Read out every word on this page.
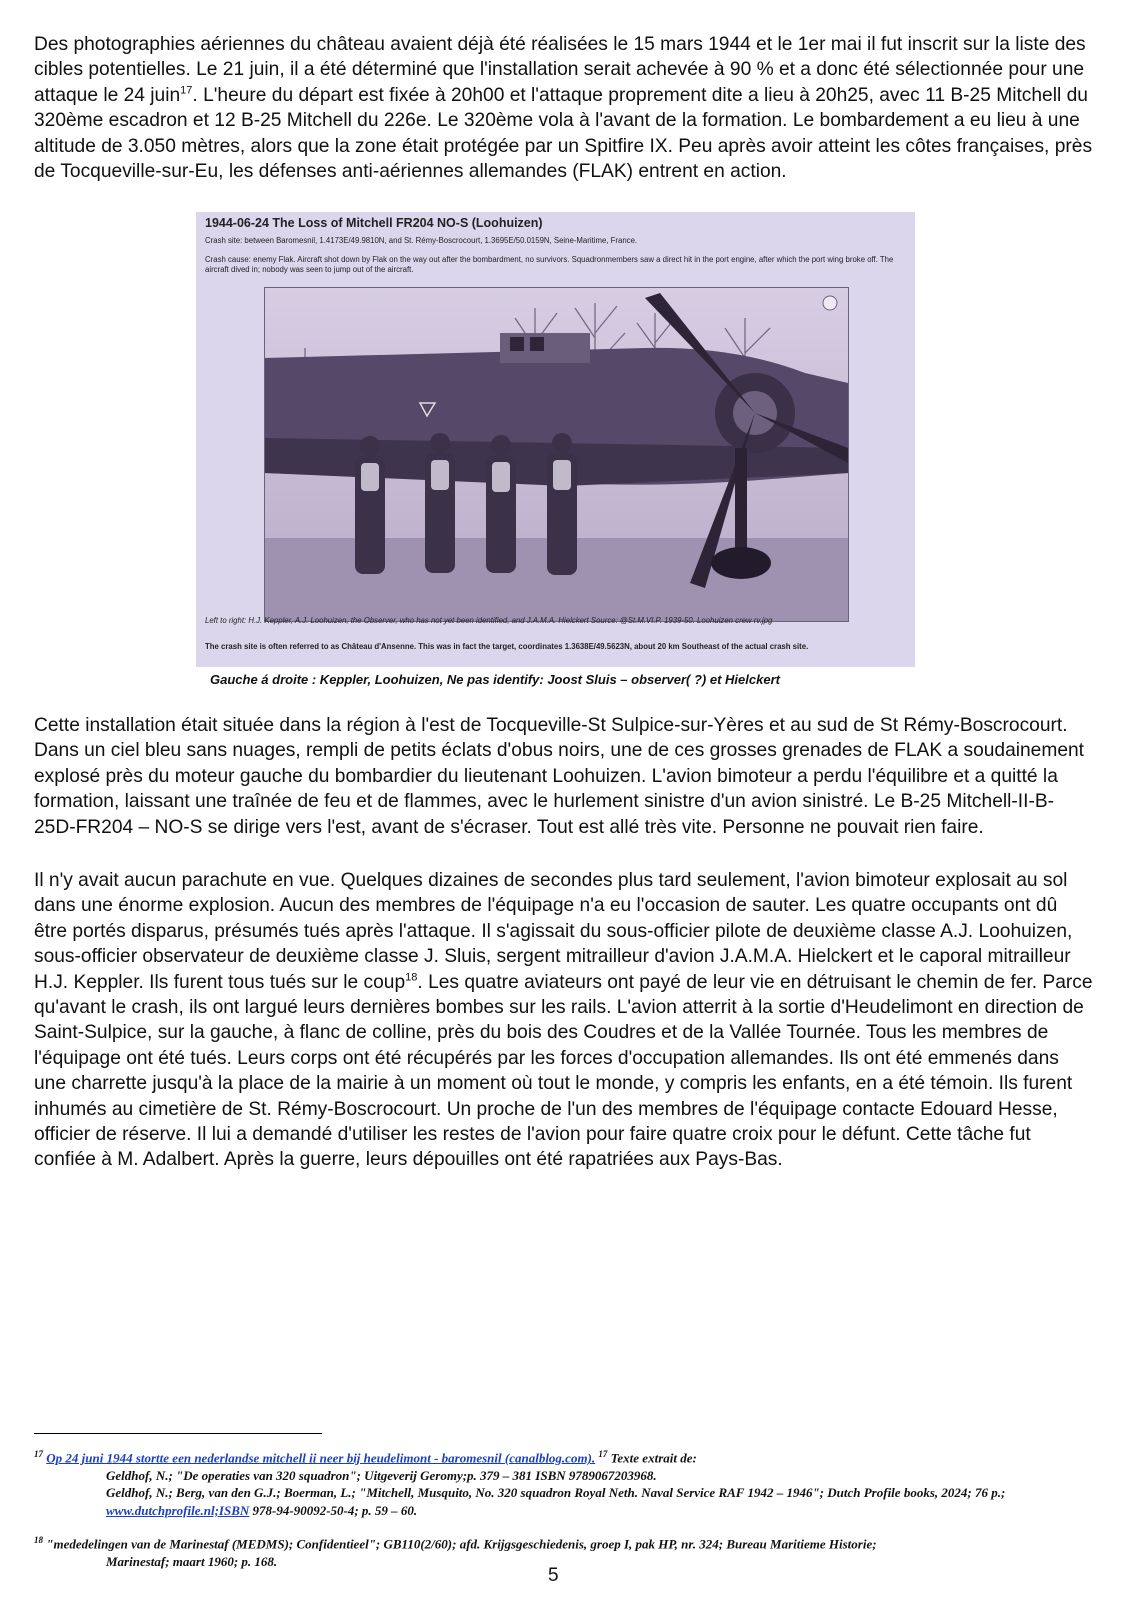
Des photographies aériennes du château avaient déjà été réalisées le 15 mars 1944 et le 1er mai il fut inscrit sur la liste des cibles potentielles. Le 21 juin, il a été déterminé que l'installation serait achevée à 90 % et a donc été sélectionnée pour une attaque le 24 juin$^{17}$. L'heure du départ est fixée à 20h00 et l'attaque proprement dite a lieu à 20h25, avec 11 B-25 Mitchell du 320ème escadron et 12 B-25 Mitchell du 226e. Le 320ème vola à l'avant de la formation. Le bombardement a eu lieu à une altitude de 3.050 mètres, alors que la zone était protégée par un Spitfire IX. Peu après avoir atteint les côtes françaises, près de Tocqueville-sur-Eu, les défenses anti-aériennes allemandes (FLAK) entrent en action.

1944-06-24 The Loss of Mitchell FR204 NO-S (Loohuizen)
Crash site: between Baromesnil, 1.4173E/49.9810N, and St. Rémy-Boscrocourt, 1.3695E/50.0159N, Seine-Maritime, France.
Crash cause: enemy Flak. Aircraft shot down by Flak on the way out after the bombardment, no survivors. Squadronmembers saw a direct hit in the port engine, after which the port wing broke off. The aircraft dived in; nobody was seen to jump out of the aircraft.
Left to right: H.J. Keppler, A.J. Loohuizen, the Observer, who has not yet been identified, and J.A.M.A. Hielckert Source: @St.M.VI.P. 1939-50. Loohuizen crew rv.jpg
The crash site is often referred to as Château d'Ansenne. This was in fact the target, coordinates 1.3638E/49.5623N, about 20 km Southeast of the actual crash site.
Gauche á droite : Keppler, Loohuizen, Ne pas identify: Joost Sluis – observer( ?) et Hielckert

Cette installation était située dans la région à l'est de Tocqueville-St Sulpice-sur-Yères et au sud de St Rémy-Boscrocourt. Dans un ciel bleu sans nuages, rempli de petits éclats d'obus noirs, une de ces grosses grenades de FLAK a soudainement explosé près du moteur gauche du bombardier du lieutenant Loohuizen. L'avion bimoteur a perdu l'équilibre et a quitté la formation, laissant une traînée de feu et de flammes, avec le hurlement sinistre d'un avion sinistré. Le B-25 Mitchell-II-B-25D-FR204 – NO-S se dirige vers l'est, avant de s'écraser. Tout est allé très vite. Personne ne pouvait rien faire.

Il n'y avait aucun parachute en vue. Quelques dizaines de secondes plus tard seulement, l'avion bimoteur explosait au sol dans une énorme explosion. Aucun des membres de l'équipage n'a eu l'occasion de sauter. Les quatre occupants ont dû être portés disparus, présumés tués après l'attaque. Il s'agissait du sous-officier pilote de deuxième classe A.J. Loohuizen, sous-officier observateur de deuxième classe J. Sluis, sergent mitrailleur d'avion J.A.M.A. Hielckert et le caporal mitrailleur H.J. Keppler. Ils furent tous tués sur le coup$^{18}$. Les quatre aviateurs ont payé de leur vie en détruisant le chemin de fer. Parce qu'avant le crash, ils ont largué leurs dernières bombes sur les rails. L'avion atterrit à la sortie d'Heudelimont en direction de Saint-Sulpice, sur la gauche, à flanc de colline, près du bois des Coudres et de la Vallée Tournée. Tous les membres de l'équipage ont été tués. Leurs corps ont été récupérés par les forces d'occupation allemandes. Ils ont été emmenés dans une charrette jusqu'à la place de la mairie à un moment où tout le monde, y compris les enfants, en a été témoin. Ils furent inhumés au cimetière de St. Rémy-Boscrocourt. Un proche de l'un des membres de l'équipage contacte Edouard Hesse, officier de réserve. Il lui a demandé d'utiliser les restes de l'avion pour faire quatre croix pour le défunt. Cette tâche fut confiée à M. Adalbert. Après la guerre, leurs dépouilles ont été rapatriées aux Pays-Bas.

$^{17}$ Op 24 juni 1944 stortte een nederlandse mitchell ii neer bij heudelimont - baromesnil (canalblog.com). $^{17}$ Texte extrait de:
Geldhof, N.; "De operaties van 320 squadron"; Uitgeverij Geromy;p. 379 – 381 ISBN 9789067203968.
Geldhof, N.; Berg, van den G.J.; Boerman, L.; "Mitchell, Musquito, No. 320 squadron Royal Neth. Naval Service RAF 1942 – 1946"; Dutch Profile books, 2024; 76 p.; www.dutchprofile.nl;ISBN 978-94-90092-50-4; p. 59 – 60.
$^{18}$ "mededelingen van de Marinestaf (MEDMS); Confidentieel"; GB110(2/60); afd. Krijgsgeschiedenis, groep I, pak HP, nr. 324; Bureau Maritieme Historie;
Marinestaf; maart 1960; p. 168.
5
